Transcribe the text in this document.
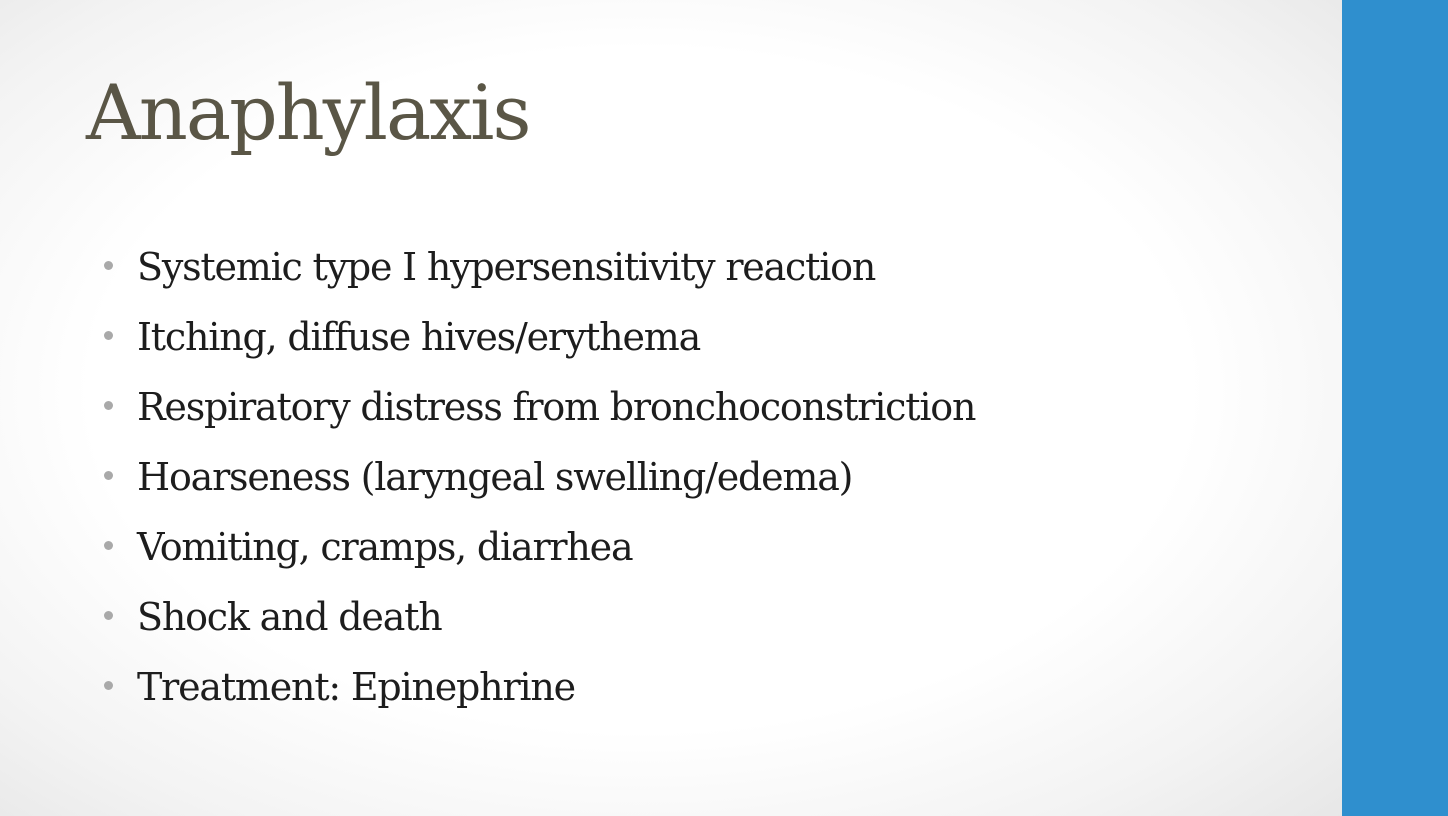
Anaphylaxis
Systemic type I hypersensitivity reaction
Itching, diffuse hives/erythema
Respiratory distress from bronchoconstriction
Hoarseness (laryngeal swelling/edema)
Vomiting, cramps, diarrhea
Shock and death
Treatment: Epinephrine
